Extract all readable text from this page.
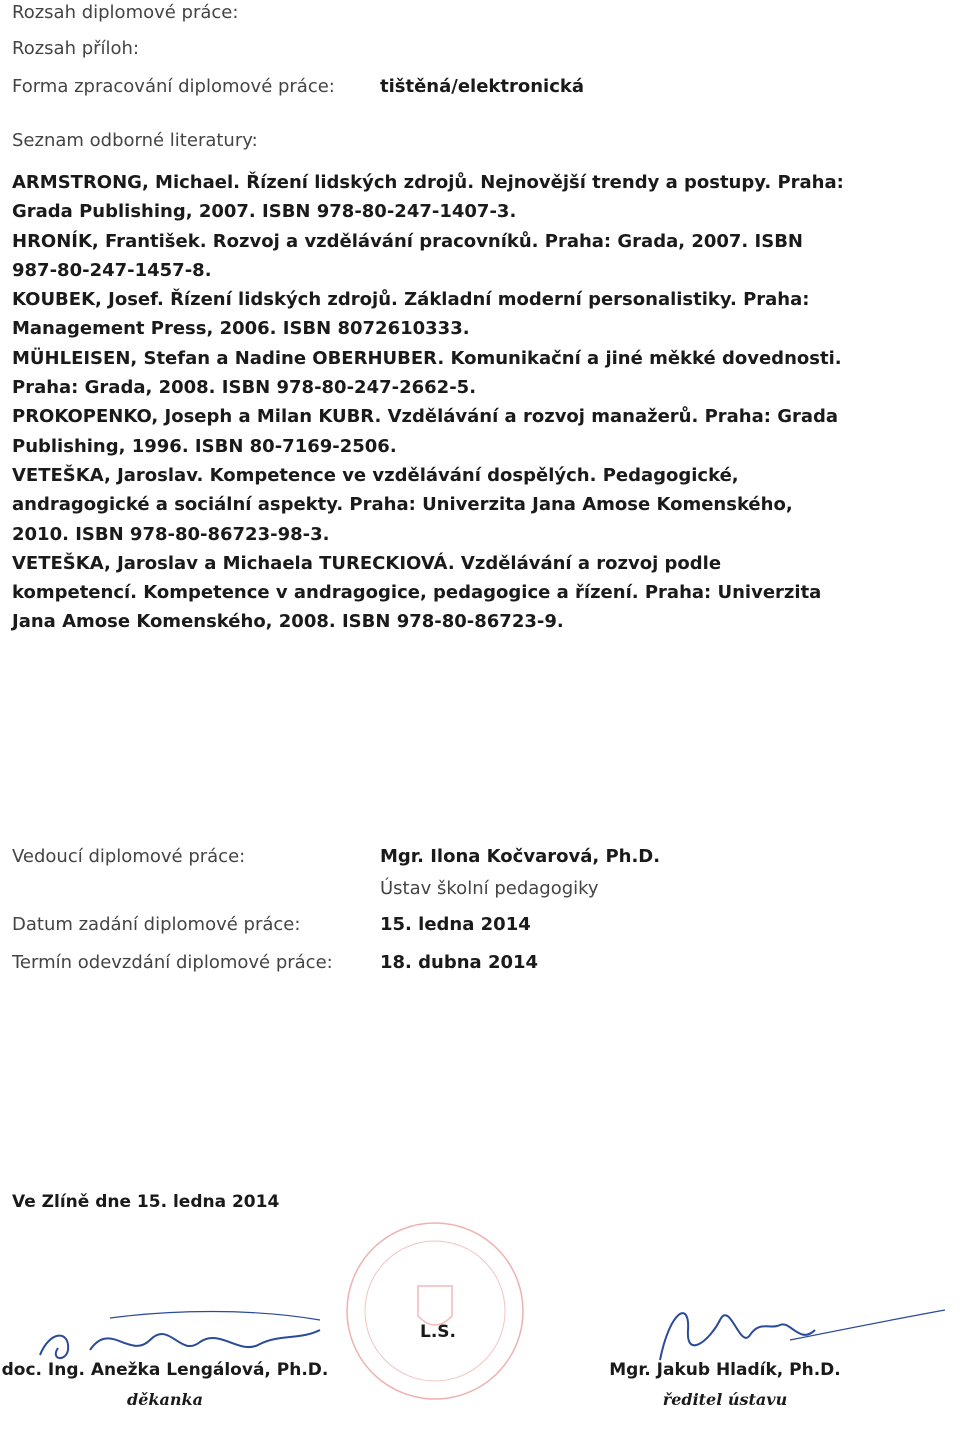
Rozsah diplomové práce:
Rozsah příloh:
Forma zpracování diplomové práce:	tištěná/elektronická
Seznam odborné literatury:

ARMSTRONG, Michael. Řízení lidských zdrojů. Nejnovější trendy a postupy. Praha: Grada Publishing, 2007. ISBN 978-80-247-1407-3.

HRONÍK, František. Rozvoj a vzdělávání pracovníků. Praha: Grada, 2007. ISBN 987-80-247-1457-8.

KOUBEK, Josef. Řízení lidských zdrojů. Základní moderní personalistiky. Praha: Management Press, 2006. ISBN 8072610333.

MÜHLEISEN, Stefan a Nadine OBERHUBER. Komunikační a jiné měkké dovednosti. Praha: Grada, 2008. ISBN 978-80-247-2662-5.

PROKOPENKO, Joseph a Milan KUBR. Vzdělávání a rozvoj manažerů. Praha: Grada Publishing, 1996. ISBN 80-7169-2506.

VETEŠKA, Jaroslav. Kompetence ve vzdělávání dospělých. Pedagogické, andragogické a sociální aspekty. Praha: Univerzita Jana Amose Komenského, 2010. ISBN 978-80-86723-98-3.

VETEŠKA, Jaroslav a Michaela TURECKIOVÁ. Vzdělávání a rozvoj podle kompetencí. Kompetence v andragogice, pedagogice a řízení. Praha: Univerzita Jana Amose Komenského, 2008. ISBN 978-80-86723-9.

Vedoucí diplomové práce:	Mgr. Ilona Kočvarová, Ph.D.
Ústav školní pedagogiky
Datum zadání diplomové práce:	15. ledna 2014
Termín odevzdání diplomové práce:	18. dubna 2014
Ve Zlíně dne 15. ledna 2014
L.S.
doc. Ing. Anežka Lengálová, Ph.D.
děkanka
Mgr. Jakub Hladík, Ph.D.
ředitel ústavu
